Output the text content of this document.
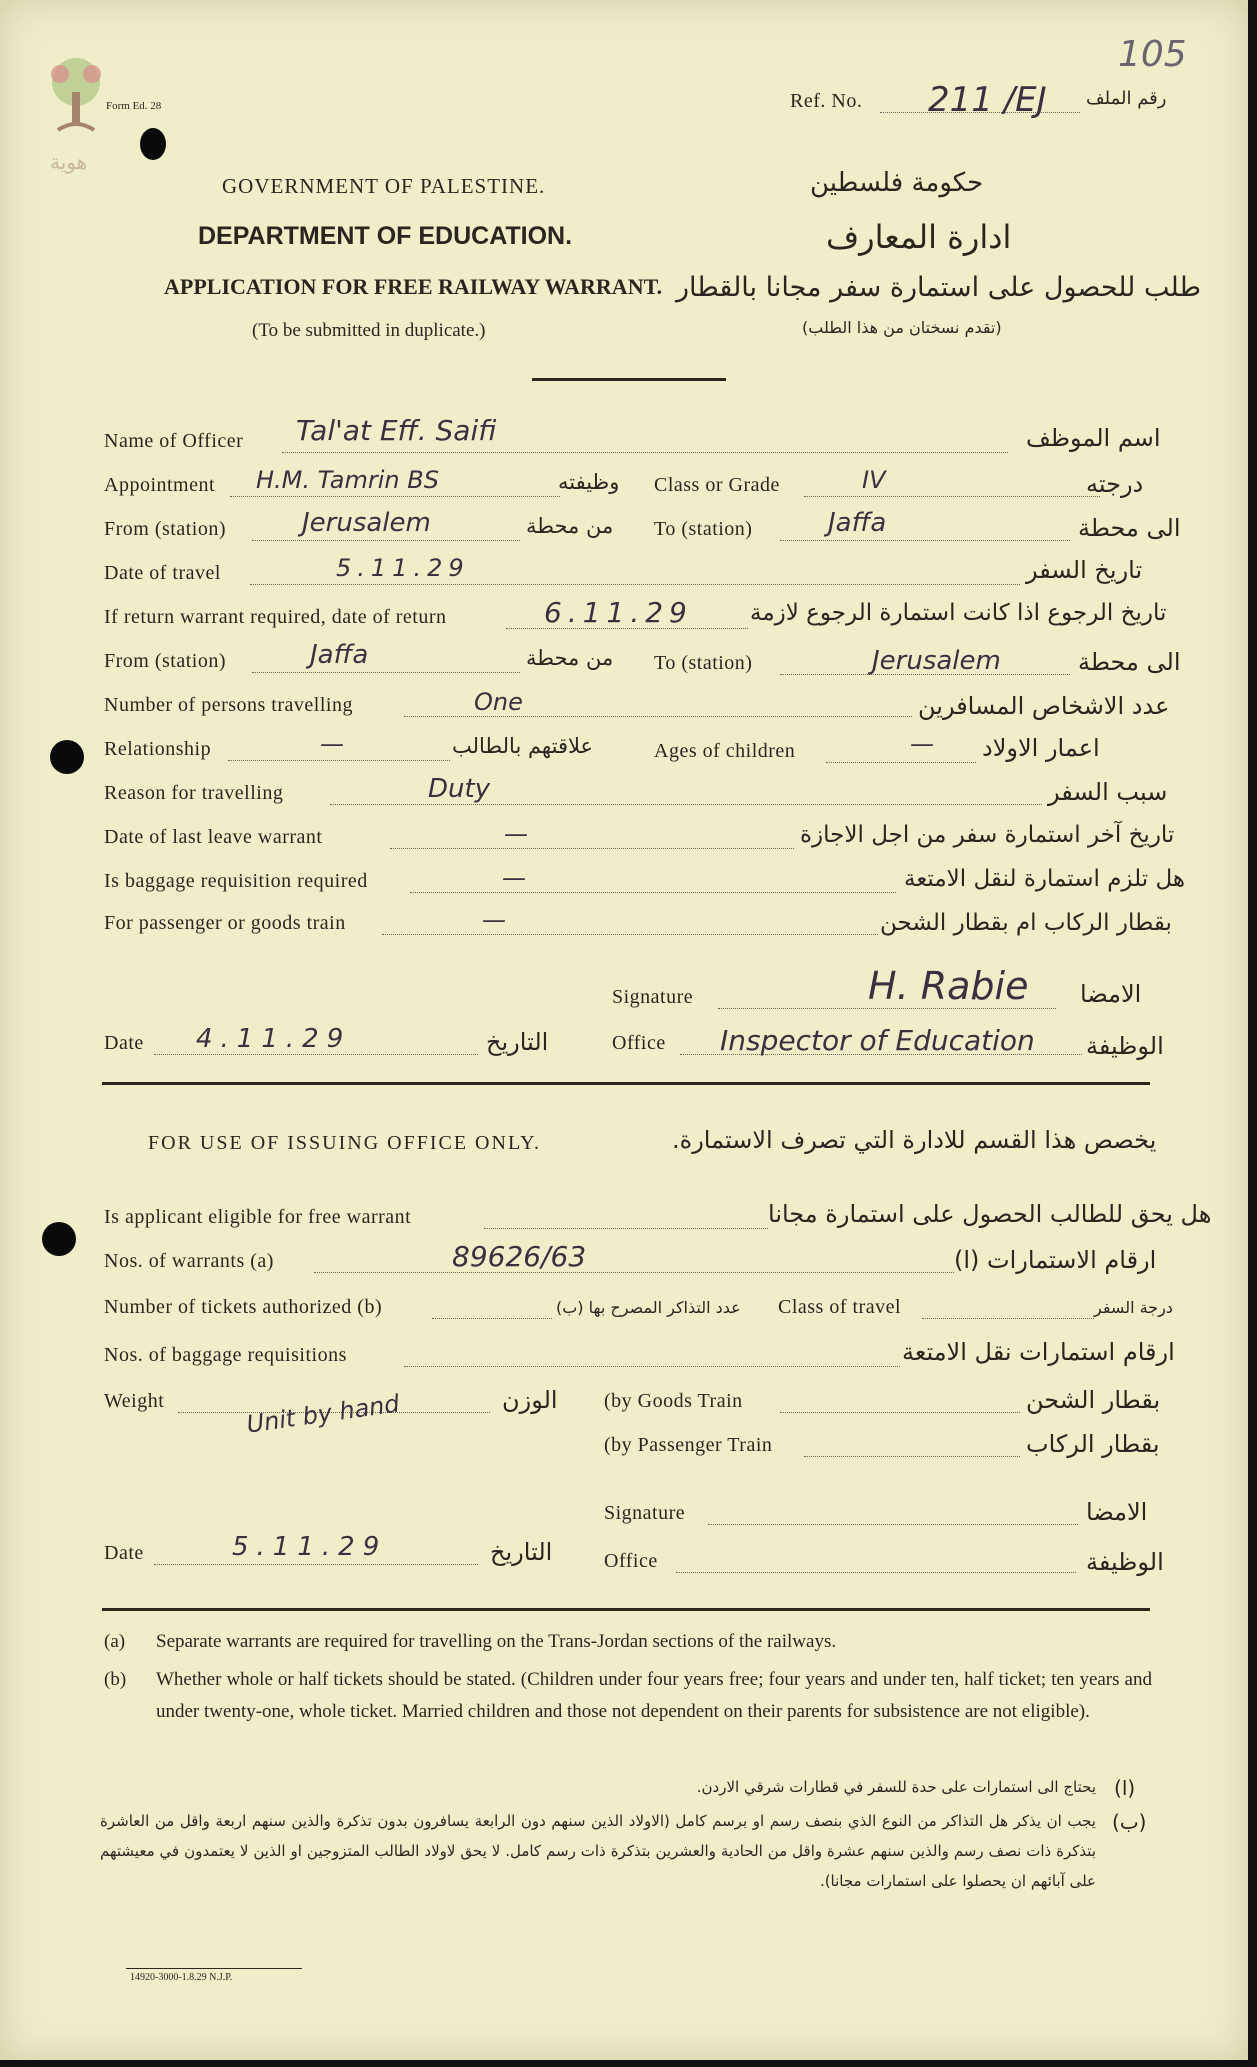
105
هوية
Form Ed. 28	Ref. No. 211 /EJ رقم الملف
GOVERNMENT OF PALESTINE.	حكومة فلسطين
DEPARTMENT OF EDUCATION.	ادارة المعارف
APPLICATION FOR FREE RAILWAY WARRANT. طلب للحصول على استمارة سفر مجانا بالقطار
(To be submitted in duplicate.)	(تقدم نسختان من هذا الطلب)
Name of Officer Tal'at Eff. Saifi	اسم الموظف
Appointment H.M. Tamrin BS	وظيفته Class or Grade	IV	درجته
From (station)	Jerusalem	من محطة To (station)	Jaffa	الى محطة
Date of travel	5.11.29	تاريخ السفر
If return warrant required, date of return	6.11.29 تاريخ الرجوع اذا كانت استمارة الرجوع لازمة
From (station)	Jaffa	من محطة To (station)	Jerusalem	الى محطة
Number of persons travelling	One	عدد الاشخاص المسافرين
Relationship	—	علاقتهم بالطالب	Ages of children	— اعمار الاولاد
Reason for travelling	Duty	سبب السفر
Date of last leave warrant	—	تاريخ آخر استمارة سفر من اجل الاجازة
Is baggage requisition required	—	هل تلزم استمارة لنقل الامتعة
For passenger or goods train	—	بقطار الركاب ام بقطار الشحن
Signature	H. Rabie الامضا
Date 4.11.29	التاريخ	Office Inspector of Education الوظيفة
FOR USE OF ISSUING OFFICE ONLY.	يخصص هذا القسم للادارة التي تصرف الاستمارة.
Is applicant eligible for free warrant	هل يحق للطالب الحصول على استمارة مجانا
Nos. of warrants (a)	89626/63	ارقام الاستمارات (ا)
Number of tickets authorized (b)	عدد التذاكر المصرح بها (ب) Class of travel	درجة السفر
Nos. of baggage requisitions	ارقام استمارات نقل الامتعة
Weight	Unit by hand	الوزن (by Goods Train	بقطار الشحن
(by Passenger Train	بقطار الركاب
Signature	الامضا
Date	5.11.29	التاريخ	Office	الوظيفة
(a) Separate warrants are required for travelling on the Trans-Jordan sections of the railways.
(b) Whether whole or half tickets should be stated. (Children under four years free; four years and under ten, half ticket; ten years and under twenty-one, whole ticket. Married children and those not dependent on their parents for subsistence are not eligible).
(ا)
يحتاج الى استمارات على حدة للسفر في قطارات شرقي الاردن.
(ب)
يجب ان يذكر هل التذاكر من النوع الذي بنصف رسم او برسم كامل (الاولاد الذين سنهم دون الرابعة يسافرون بدون تذكرة والذين سنهم اربعة واقل من العاشرة بتذكرة ذات نصف رسم والذين سنهم عشرة واقل من الحادية والعشرين بتذكرة ذات رسم كامل. لا يحق لاولاد الطالب المتزوجين او الذين لا يعتمدون في معيشتهم على آبائهم ان يحصلوا على استمارات مجانا).
14920-3000-1.8.29 N.J.P.
